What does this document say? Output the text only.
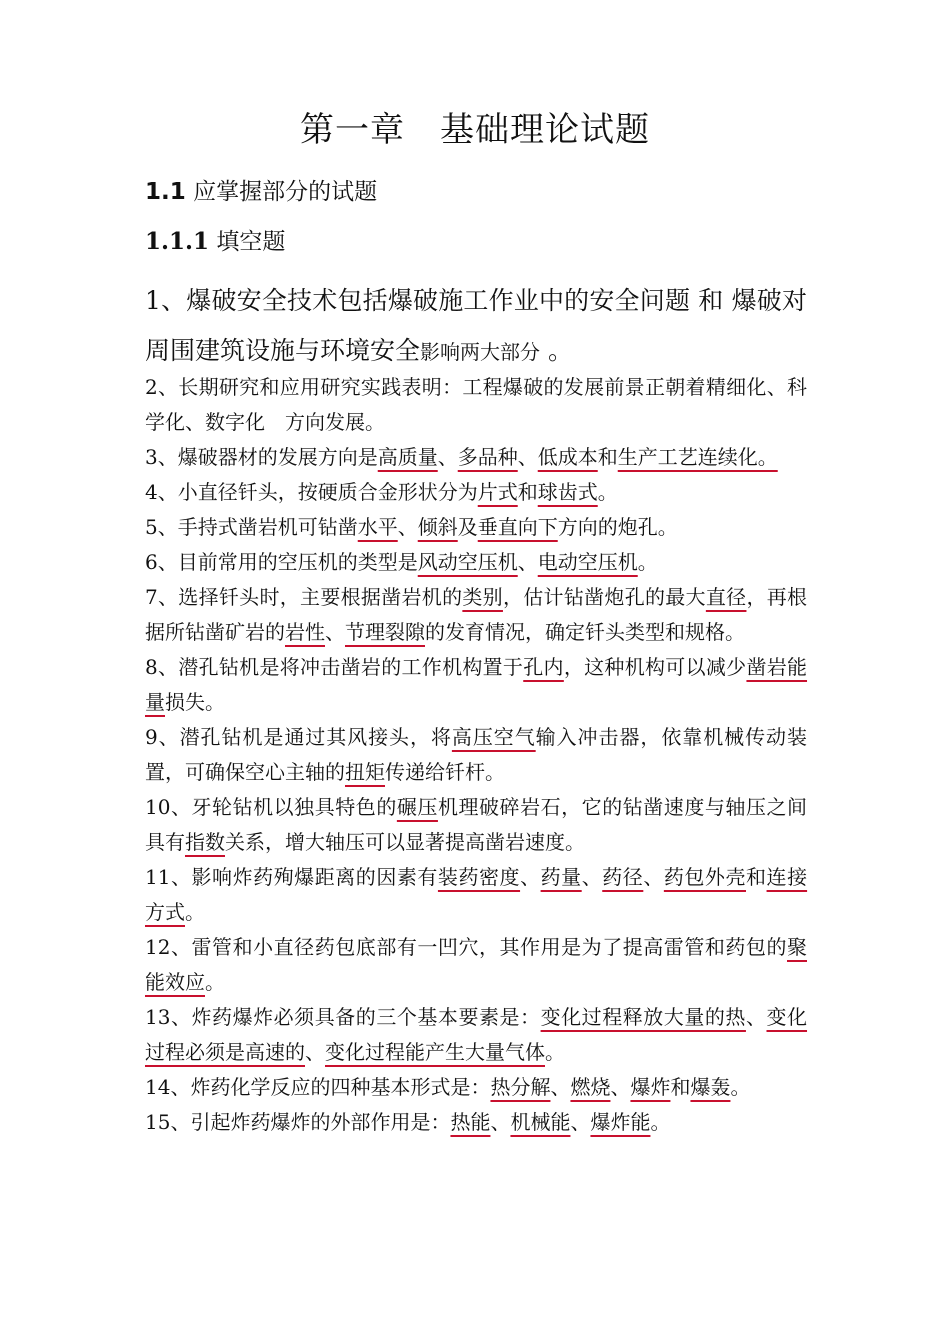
第一章　基础理论试题
1.1 应掌握部分的试题
1.1.1 填空题
1、爆破安全技术包括爆破施工作业中的安全问题 和 爆破对周围建筑设施与环境安全影响两大部分 。
2、长期研究和应用研究实践表明：工程爆破的发展前景正朝着精细化、科学化、数字化　方向发展。
3、爆破器材的发展方向是高质量、多品种、低成本和生产工艺连续化。
4、小直径钎头，按硬质合金形状分为片式和球齿式。
5、手持式凿岩机可钻凿水平、倾斜及垂直向下方向的炮孔。
6、目前常用的空压机的类型是风动空压机、电动空压机。
7、选择钎头时，主要根据凿岩机的类别，估计钻凿炮孔的最大直径，再根据所钻凿矿岩的岩性、节理裂隙的发育情况，确定钎头类型和规格。
8、潜孔钻机是将冲击凿岩的工作机构置于孔内，这种机构可以减少凿岩能量损失。
9、潜孔钻机是通过其风接头，将高压空气输入冲击器，依靠机械传动装置，可确保空心主轴的扭矩传递给钎杆。
10、牙轮钻机以独具特色的碾压机理破碎岩石，它的钻凿速度与轴压之间具有指数关系，增大轴压可以显著提高凿岩速度。
11、影响炸药殉爆距离的因素有装药密度、药量、药径、药包外壳和连接方式。
12、雷管和小直径药包底部有一凹穴，其作用是为了提高雷管和药包的聚能效应。
13、炸药爆炸必须具备的三个基本要素是：变化过程释放大量的热、变化过程必须是高速的、变化过程能产生大量气体。
14、炸药化学反应的四种基本形式是：热分解、燃烧、爆炸和爆轰。
15、引起炸药爆炸的外部作用是：热能、机械能、爆炸能。
